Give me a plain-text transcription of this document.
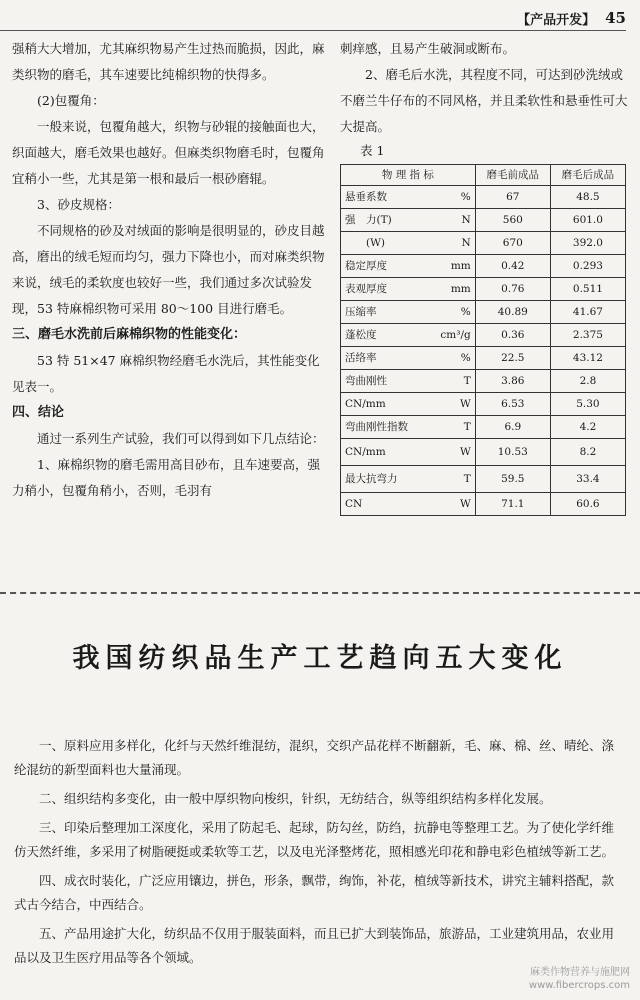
【产品开发】 45

强稍大大增加，尤其麻织物易产生过热而脆损，因此，麻类织物的磨毛，其车速要比纯棉织物的快得多。

(2)包覆角：

一般来说，包覆角越大，织物与砂辊的接触面也大，织面越大，磨毛效果也越好。但麻类织物磨毛时，包覆角宜稍小一些，尤其是第一根和最后一根砂磨辊。

3、砂皮规格：

不同规格的砂及对绒面的影响是很明显的，砂皮目越高，磨出的绒毛短而均匀，强力下降也小，而对麻类织物来说，绒毛的柔软度也较好一些，我们通过多次试验发现，53 特麻棉织物可采用 80～100 目进行磨毛。

三、磨毛水洗前后麻棉织物的性能变化：

53 特 51×47 麻棉织物经磨毛水洗后，其性能变化见表一。

四、结论

通过一系列生产试验，我们可以得到如下几点结论：

1、麻棉织物的磨毛需用高目砂布，且车速要高，强力稍小，包覆角稍小，否则，毛羽有

刺痒感，且易产生破洞或断布。

2、磨毛后水洗，其程度不同，可达到砂洗绒或不磨兰牛仔布的不同风格，并且柔软性和悬垂性可大大提高。

表 1
物 理 指 标		磨毛前成品	磨毛后成品
悬垂系数	%	67	48.5
强　力(T)	N	560	601.0
　　(W)	N	670	392.0
稳定厚度	mm	0.42	0.293
表观厚度	mm	0.76	0.511
压缩率	%	40.89	41.67
蓬松度	cm³/g	0.36	2.375
活络率	%	22.5	43.12
弯曲刚性	T	3.86	2.8
CN/mm	W	6.53	5.30
弯曲刚性指数	T	6.9	4.2
CN/mm	W	10.53	8.2
最大抗弯力	T	59.5	33.4
CN	W	71.1	60.6
我国纺织品生产工艺趋向五大变化

一、原料应用多样化，化纤与天然纤维混纺，混织，交织产品花样不断翻新，毛、麻、棉、丝、晴纶、涤纶混纺的新型面料也大量涌现。

二、组织结构多变化，由一般中厚织物向梭织，针织，无纺结合，纵等组织结构多样化发展。

三、印染后整理加工深度化，采用了防起毛、起球，防勾丝，防绉，抗静电等整理工艺。为了使化学纤维仿天然纤维，多采用了树脂硬挺或柔软等工艺，以及电光泽整烤花，照相感光印花和静电彩色植绒等新工艺。

四、成衣时装化，广泛应用镶边，拼色，形条，飘带，绚饰，补花，植绒等新技术，讲究主辅料搭配，款式古今结合，中西结合。

五、产品用途扩大化，纺织品不仅用于服装面料，而且已扩大到装饰品，旅游品，工业建筑用品，农业用品以及卫生医疗用品等各个领域。

麻类作物营养与施肥网
www.fibercrops.com
